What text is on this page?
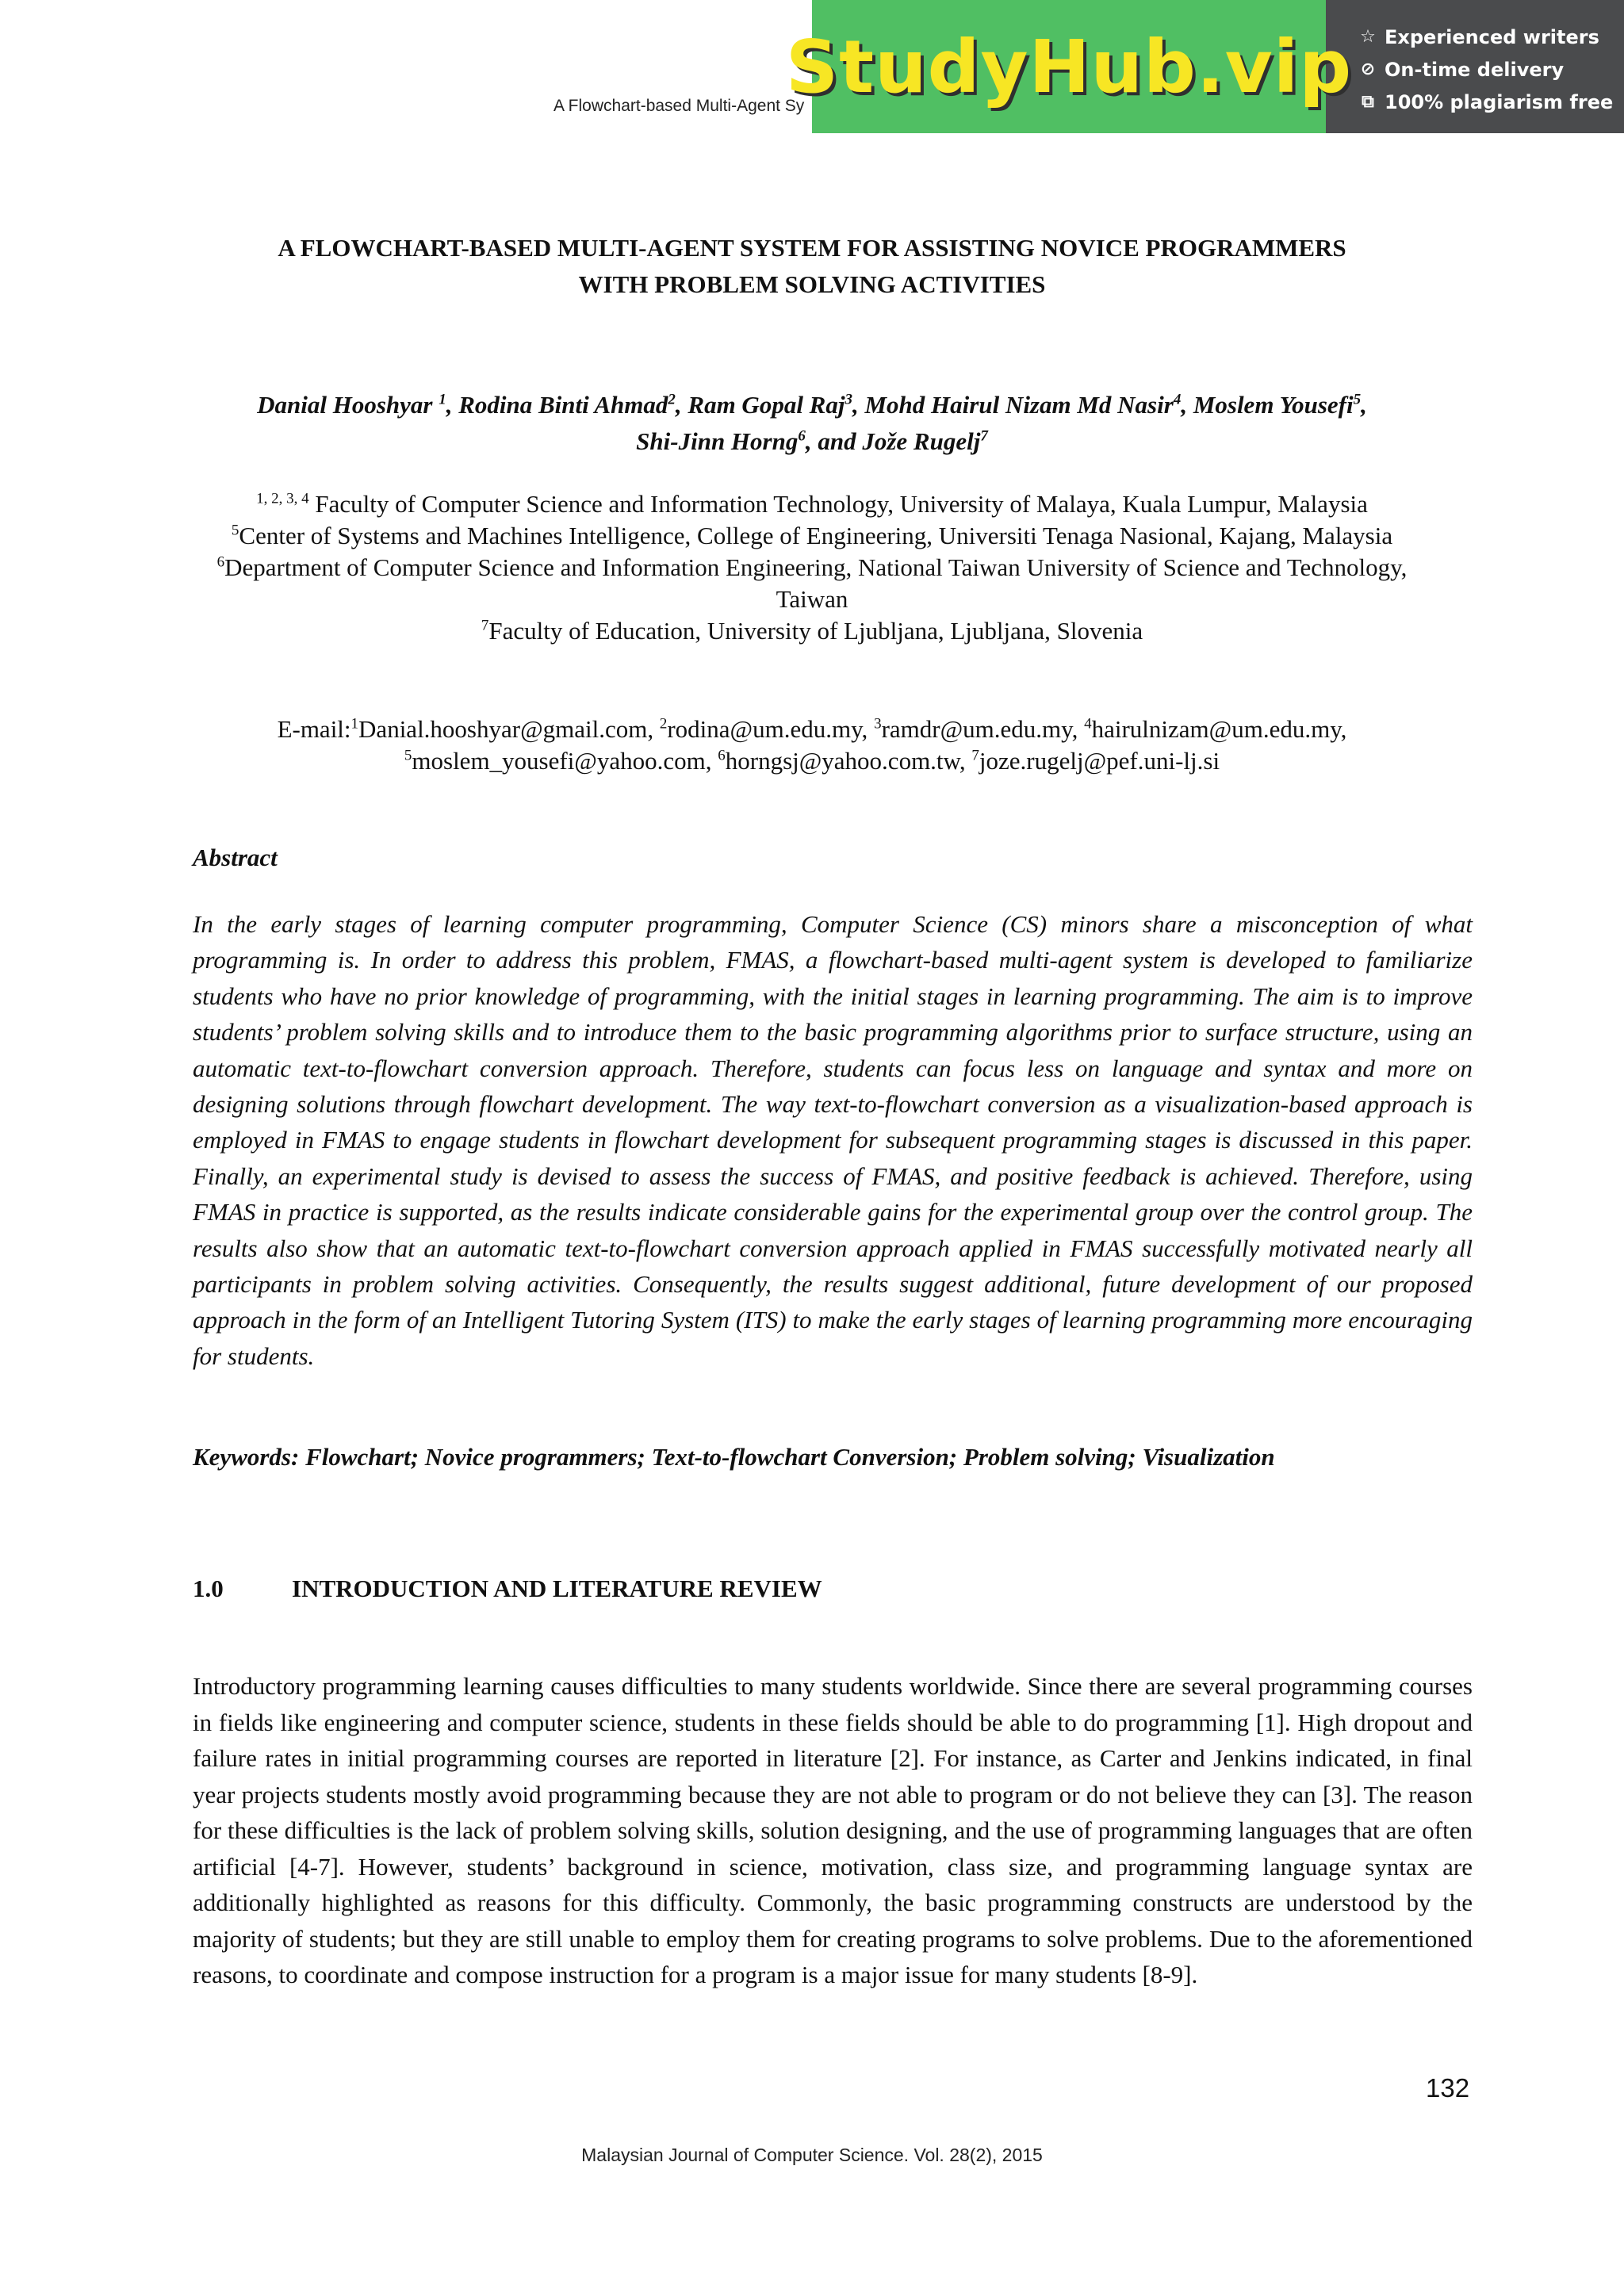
A Flowchart-based Multi-Agent Sy
StudyHub.vip ☆ Experienced writers
⊘ On-time delivery
⧉ 100% plagiarism free
A FLOWCHART-BASED MULTI-AGENT SYSTEM FOR ASSISTING NOVICE PROGRAMMERS
WITH PROBLEM SOLVING ACTIVITIES
Danial Hooshyar $^1$, Rodina Binti Ahmad$^2$, Ram Gopal Raj$^3$, Mohd Hairul Nizam Md Nasir$^4$, Moslem Yousefi$^5$,
Shi-Jinn Horng$^6$, and Jože Rugelj$^7$
$^{1, 2, 3, 4}$ Faculty of Computer Science and Information Technology, University of Malaya, Kuala Lumpur, Malaysia
$^5$Center of Systems and Machines Intelligence, College of Engineering, Universiti Tenaga Nasional, Kajang, Malaysia
$^6$Department of Computer Science and Information Engineering, National Taiwan University of Science and Technology, Taiwan
$^7$Faculty of Education, University of Ljubljana, Ljubljana, Slovenia
E-mail:$^1$Danial.hooshyar@gmail.com, $^2$rodina@um.edu.my, $^3$ramdr@um.edu.my, $^4$hairulnizam@um.edu.my,
$^5$moslem_yousefi@yahoo.com, $^6$horngsj@yahoo.com.tw, $^7$joze.rugelj@pef.uni-lj.si
Abstract

In the early stages of learning computer programming, Computer Science (CS) minors share a misconception of what programming is. In order to address this problem, FMAS, a flowchart-based multi-agent system is developed to familiarize students who have no prior knowledge of programming, with the initial stages in learning programming. The aim is to improve students’ problem solving skills and to introduce them to the basic programming algorithms prior to surface structure, using an automatic text-to-flowchart conversion approach. Therefore, students can focus less on language and syntax and more on designing solutions through flowchart development. The way text-to-flowchart conversion as a visualization-based approach is employed in FMAS to engage students in flowchart development for subsequent programming stages is discussed in this paper. Finally, an experimental study is devised to assess the success of FMAS, and positive feedback is achieved. Therefore, using FMAS in practice is supported, as the results indicate considerable gains for the experimental group over the control group. The results also show that an automatic text-to-flowchart conversion approach applied in FMAS successfully motivated nearly all participants in problem solving activities. Consequently, the results suggest additional, future development of our proposed approach in the form of an Intelligent Tutoring System (ITS) to make the early stages of learning programming more encouraging for students.

Keywords: Flowchart; Novice programmers; Text-to-flowchart Conversion; Problem solving; Visualization
1.0	INTRODUCTION AND LITERATURE REVIEW

Introductory programming learning causes difficulties to many students worldwide. Since there are several programming courses in fields like engineering and computer science, students in these fields should be able to do programming [1]. High dropout and failure rates in initial programming courses are reported in literature [2]. For instance, as Carter and Jenkins indicated, in final year projects students mostly avoid programming because they are not able to program or do not believe they can [3]. The reason for these difficulties is the lack of problem solving skills, solution designing, and the use of programming languages that are often artificial [4-7]. However, students’ background in science, motivation, class size, and programming language syntax are additionally highlighted as reasons for this difficulty. Commonly, the basic programming constructs are understood by the majority of students; but they are still unable to employ them for creating programs to solve problems. Due to the aforementioned reasons, to coordinate and compose instruction for a program is a major issue for many students [8-9].

132
Malaysian Journal of Computer Science. Vol. 28(2), 2015
